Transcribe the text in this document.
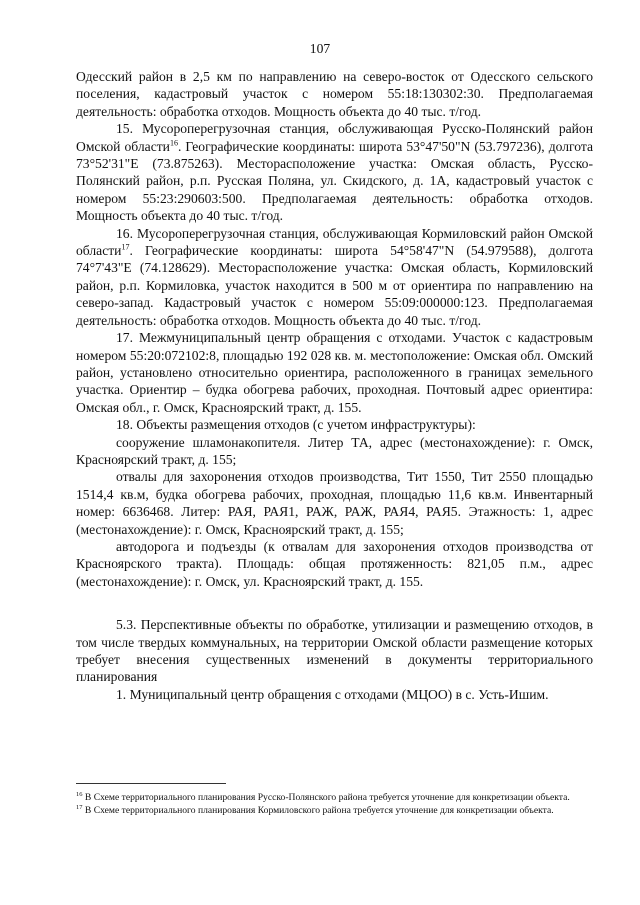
107

Одесский район в 2,5 км по направлению на северо-восток от Одесского сельского поселения, кадастровый участок с номером 55:18:130302:30. Предполагаемая деятельность: обработка отходов. Мощность объекта до 40 тыс. т/год.

15. Мусороперегрузочная станция, обслуживающая Русско-Полянский район Омской области$^{16}$. Географические координаты: широта 53°47'50"N (53.797236), долгота 73°52'31"E (73.875263). Месторасположение участка: Омская область, Русско-Полянский район, р.п. Русская Поляна, ул. Скидского, д. 1А, кадастровый участок с номером 55:23:290603:500. Предполагаемая деятельность: обработка отходов. Мощность объекта до 40 тыс. т/год.

16. Мусороперегрузочная станция, обслуживающая Кормиловский район Омской области$^{17}$. Географические координаты: широта 54°58'47"N (54.979588), долгота 74°7'43"E (74.128629). Месторасположение участка: Омская область, Кормиловский район, р.п. Кормиловка, участок находится в 500 м от ориентира по направлению на северо-запад. Кадастровый участок с номером 55:09:000000:123. Предполагаемая деятельность: обработка отходов. Мощность объекта до 40 тыс. т/год.

17. Межмуниципальный центр обращения с отходами. Участок с кадастровым номером 55:20:072102:8, площадью 192 028 кв. м. местоположение: Омская обл. Омский район, установлено относительно ориентира, расположенного в границах земельного участка. Ориентир – будка обогрева рабочих, проходная. Почтовый адрес ориентира: Омская обл., г. Омск, Красноярский тракт, д. 155.

18. Объекты размещения отходов (с учетом инфраструктуры):

сооружение шламонакопителя. Литер ТА, адрес (местонахождение): г. Омск, Красноярский тракт, д. 155;

отвалы для захоронения отходов производства, Тит 1550, Тит 2550 площадью 1514,4 кв.м, будка обогрева рабочих, проходная, площадью 11,6 кв.м. Инвентарный номер: 6636468. Литер: РАЯ, РАЯ1, РАЖ, РАЖ, РАЯ4, РАЯ5. Этажность: 1, адрес (местонахождение): г. Омск, Красноярский тракт, д. 155;

автодорога и подъезды (к отвалам для захоронения отходов производства от Красноярского тракта). Площадь: общая протяженность: 821,05 п.м., адрес (местонахождение): г. Омск, ул. Красноярский тракт, д. 155.

5.3. Перспективные объекты по обработке, утилизации и размещению отходов, в том числе твердых коммунальных, на территории Омской области размещение которых требует внесения существенных изменений в документы территориального планирования

1. Муниципальный центр обращения с отходами (МЦОО) в с. Усть-Ишим.

$^{16}$ В Схеме территориального планирования Русско-Полянского района требуется уточнение для конкретизации объекта.

$^{17}$ В Схеме территориального планирования Кормиловского района требуется уточнение для конкретизации объекта.
